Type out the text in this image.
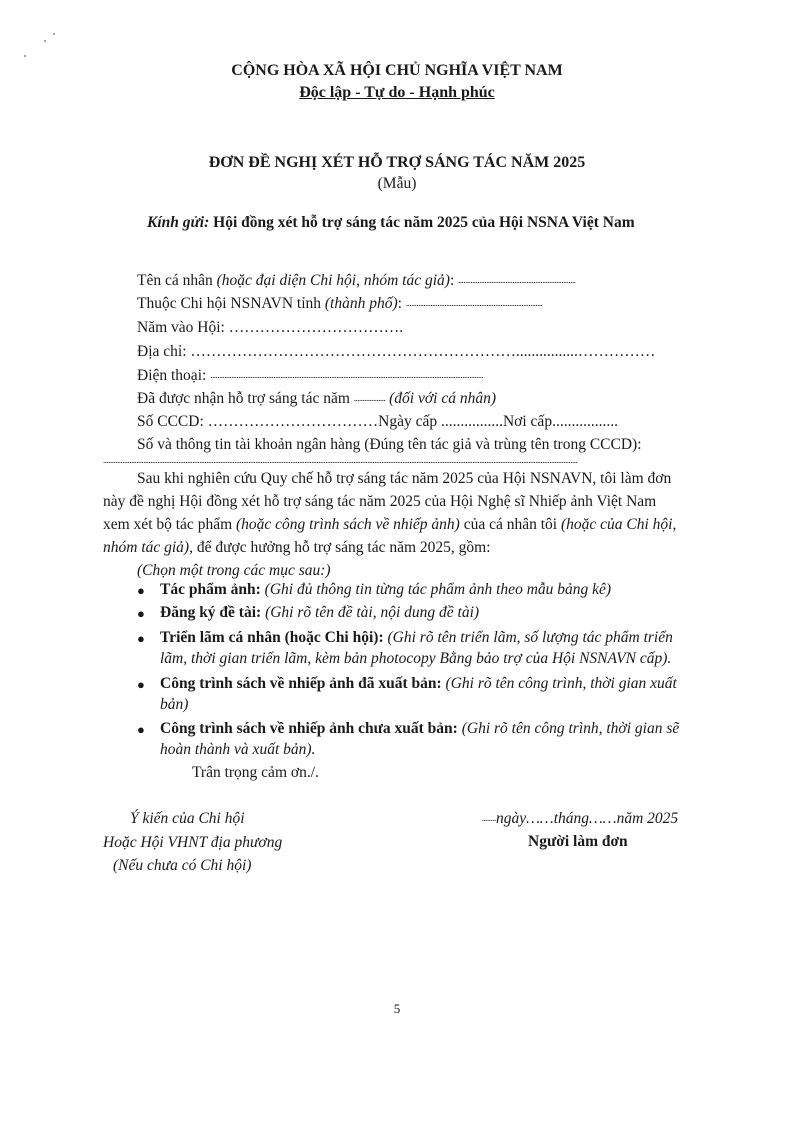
CỘNG HÒA XÃ HỘI CHỦ NGHĨA VIỆT NAM
Độc lập - Tự do - Hạnh phúc
ĐƠN ĐỀ NGHỊ XÉT HỖ TRỢ SÁNG TÁC NĂM 2025
(Mẫu)
Kính gửi: Hội đồng xét hỗ trợ sáng tác năm 2025 của Hội NSNA Việt Nam
Tên cá nhân (hoặc đại diện Chi hội, nhóm tác giả): ...................................................................
Thuộc Chi hội NSNAVN tỉnh (thành phố): ..............................................................................
Năm vào Hội: …………………………….
Địa chỉ: ………………………………………………………................……………
Điện thoại: ............................................................................................................................................................
Đã được nhận hỗ trợ sáng tác năm .................. (đối với cá nhân)
Số CCCD: ……………………………Ngày cấp ................Nơi cấp.................
Số và thông tin tài khoản ngân hàng (Đúng tên tác giả và trùng tên trong CCCD):
...............................................................................................................................................................................................................................................................................
Sau khi nghiên cứu Quy chế hỗ trợ sáng tác năm 2025 của Hội NSNAVN, tôi làm đơn
này đề nghị Hội đồng xét hỗ trợ sáng tác năm 2025 của Hội Nghệ sĩ Nhiếp ảnh Việt Nam
xem xét bộ tác phẩm (hoặc công trình sách về nhiếp ảnh) của cá nhân tôi (hoặc của Chi hội,
nhóm tác giả), để được hưởng hỗ trợ sáng tác năm 2025, gồm:
(Chọn một trong các mục sau:)
● Tác phẩm ảnh: (Ghi đủ thông tin từng tác phẩm ảnh theo mẫu bảng kê)
● Đăng ký đề tài: (Ghi rõ tên đề tài, nội dung đề tài)
● Triển lãm cá nhân (hoặc Chi hội): (Ghi rõ tên triển lãm, số lượng tác phẩm triển
lãm, thời gian triển lãm, kèm bản photocopy Bằng bảo trợ của Hội NSNAVN cấp).
● Công trình sách về nhiếp ảnh đã xuất bản: (Ghi rõ tên công trình, thời gian xuất
bản)
● Công trình sách về nhiếp ảnh chưa xuất bản: (Ghi rõ tên công trình, thời gian sẽ
hoàn thành và xuất bản).
Trân trọng cảm ơn./.
Ý kiến của Chi hội
Hoặc Hội VHNT địa phương
(Nếu chưa có Chi hội)
........ngày……tháng……năm 2025
Người làm đơn
5
